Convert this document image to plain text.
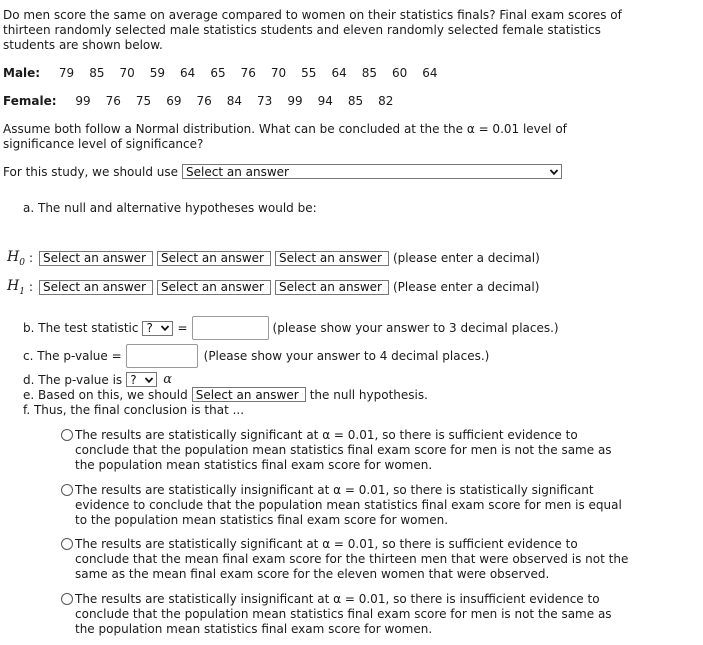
Do men score the same on average compared to women on their statistics finals? Final exam scores of thirteen randomly selected male statistics students and eleven randomly selected female statistics students are shown below.
Male: 79 85 70 59 64 65 76 70 55 64 85 60 64
Female: 99 76 75 69 76 84 73 99 94 85 82
Assume both follow a Normal distribution. What can be concluded at the the α = 0.01 level of significance level of significance?
For this study, we should use Select an answer
a. The null and alternative hypotheses would be:
$H_0$ : Select an answer Select an answer Select an answer (please enter a decimal)
$H_1$ : Select an answer Select an answer Select an answer (Please enter a decimal)
b. The test statistic ? =	(please show your answer to 3 decimal places.)
c. The p-value =	(Please show your answer to 4 decimal places.)
d. The p-value is ? α
e. Based on this, we should Select an answer the null hypothesis.
f. Thus, the final conclusion is that ...
The results are statistically significant at α = 0.01, so there is sufficient evidence to conclude that the population mean statistics final exam score for men is not the same as the population mean statistics final exam score for women.
The results are statistically insignificant at α = 0.01, so there is statistically significant evidence to conclude that the population mean statistics final exam score for men is equal to the population mean statistics final exam score for women.
The results are statistically significant at α = 0.01, so there is sufficient evidence to conclude that the mean final exam score for the thirteen men that were observed is not the same as the mean final exam score for the eleven women that were observed.
The results are statistically insignificant at α = 0.01, so there is insufficient evidence to conclude that the population mean statistics final exam score for men is not the same as the population mean statistics final exam score for women.
